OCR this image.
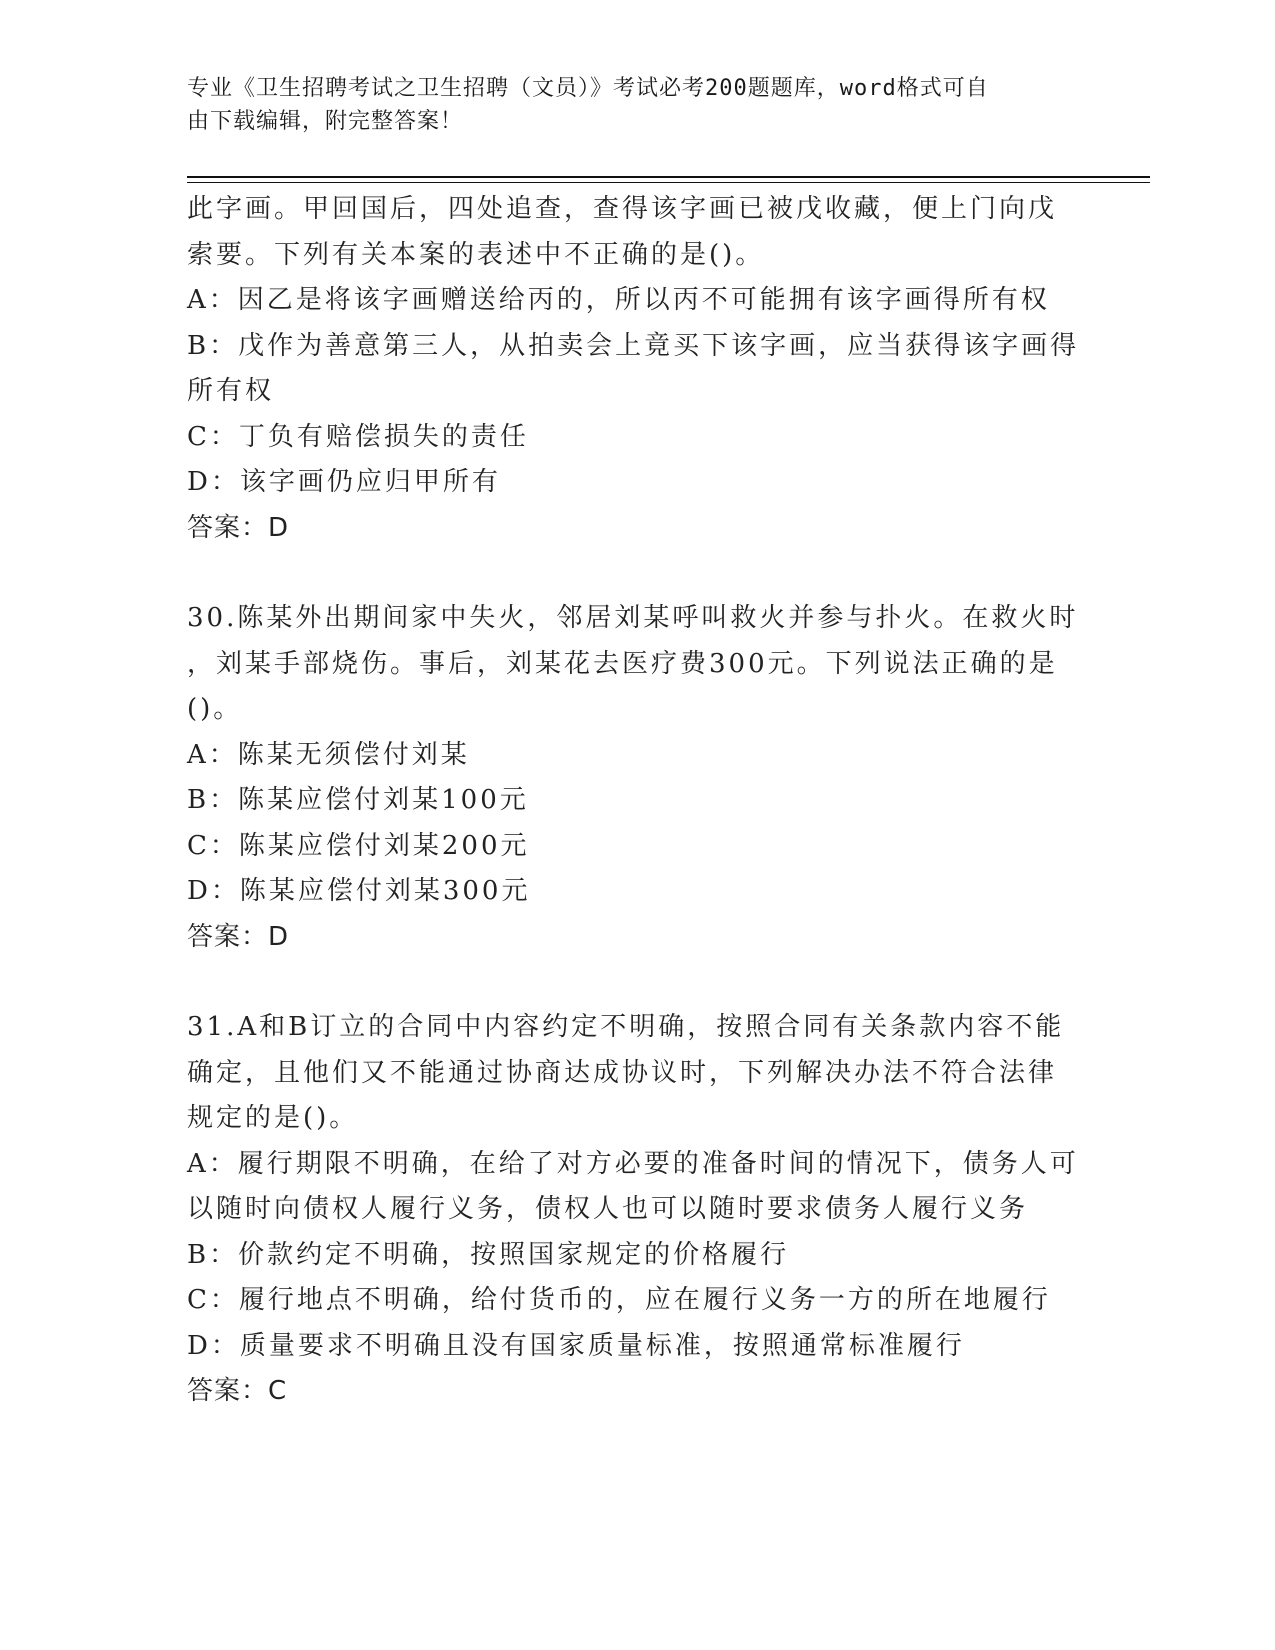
专业《卫生招聘考试之卫生招聘（文员）》考试必考200题题库，word格式可自
由下载编辑，附完整答案！
此字画。甲回国后，四处追查，查得该字画已被戊收藏，便上门向戊
索要。下列有关本案的表述中不正确的是()。
A：因乙是将该字画赠送给丙的，所以丙不可能拥有该字画得所有权
B：戊作为善意第三人，从拍卖会上竟买下该字画，应当获得该字画得
所有权
C：丁负有赔偿损失的责任
D：该字画仍应归甲所有
答案：D
30.陈某外出期间家中失火，邻居刘某呼叫救火并参与扑火。在救火时
，刘某手部烧伤。事后，刘某花去医疗费300元。下列说法正确的是
()。
A：陈某无须偿付刘某
B：陈某应偿付刘某100元
C：陈某应偿付刘某200元
D：陈某应偿付刘某300元
答案：D
31.A和B订立的合同中内容约定不明确，按照合同有关条款内容不能
确定，且他们又不能通过协商达成协议时，下列解决办法不符合法律
规定的是()。
A：履行期限不明确，在给了对方必要的准备时间的情况下，债务人可
以随时向债权人履行义务，债权人也可以随时要求债务人履行义务
B：价款约定不明确，按照国家规定的价格履行
C：履行地点不明确，给付货币的，应在履行义务一方的所在地履行
D：质量要求不明确且没有国家质量标准，按照通常标准履行
答案：C
